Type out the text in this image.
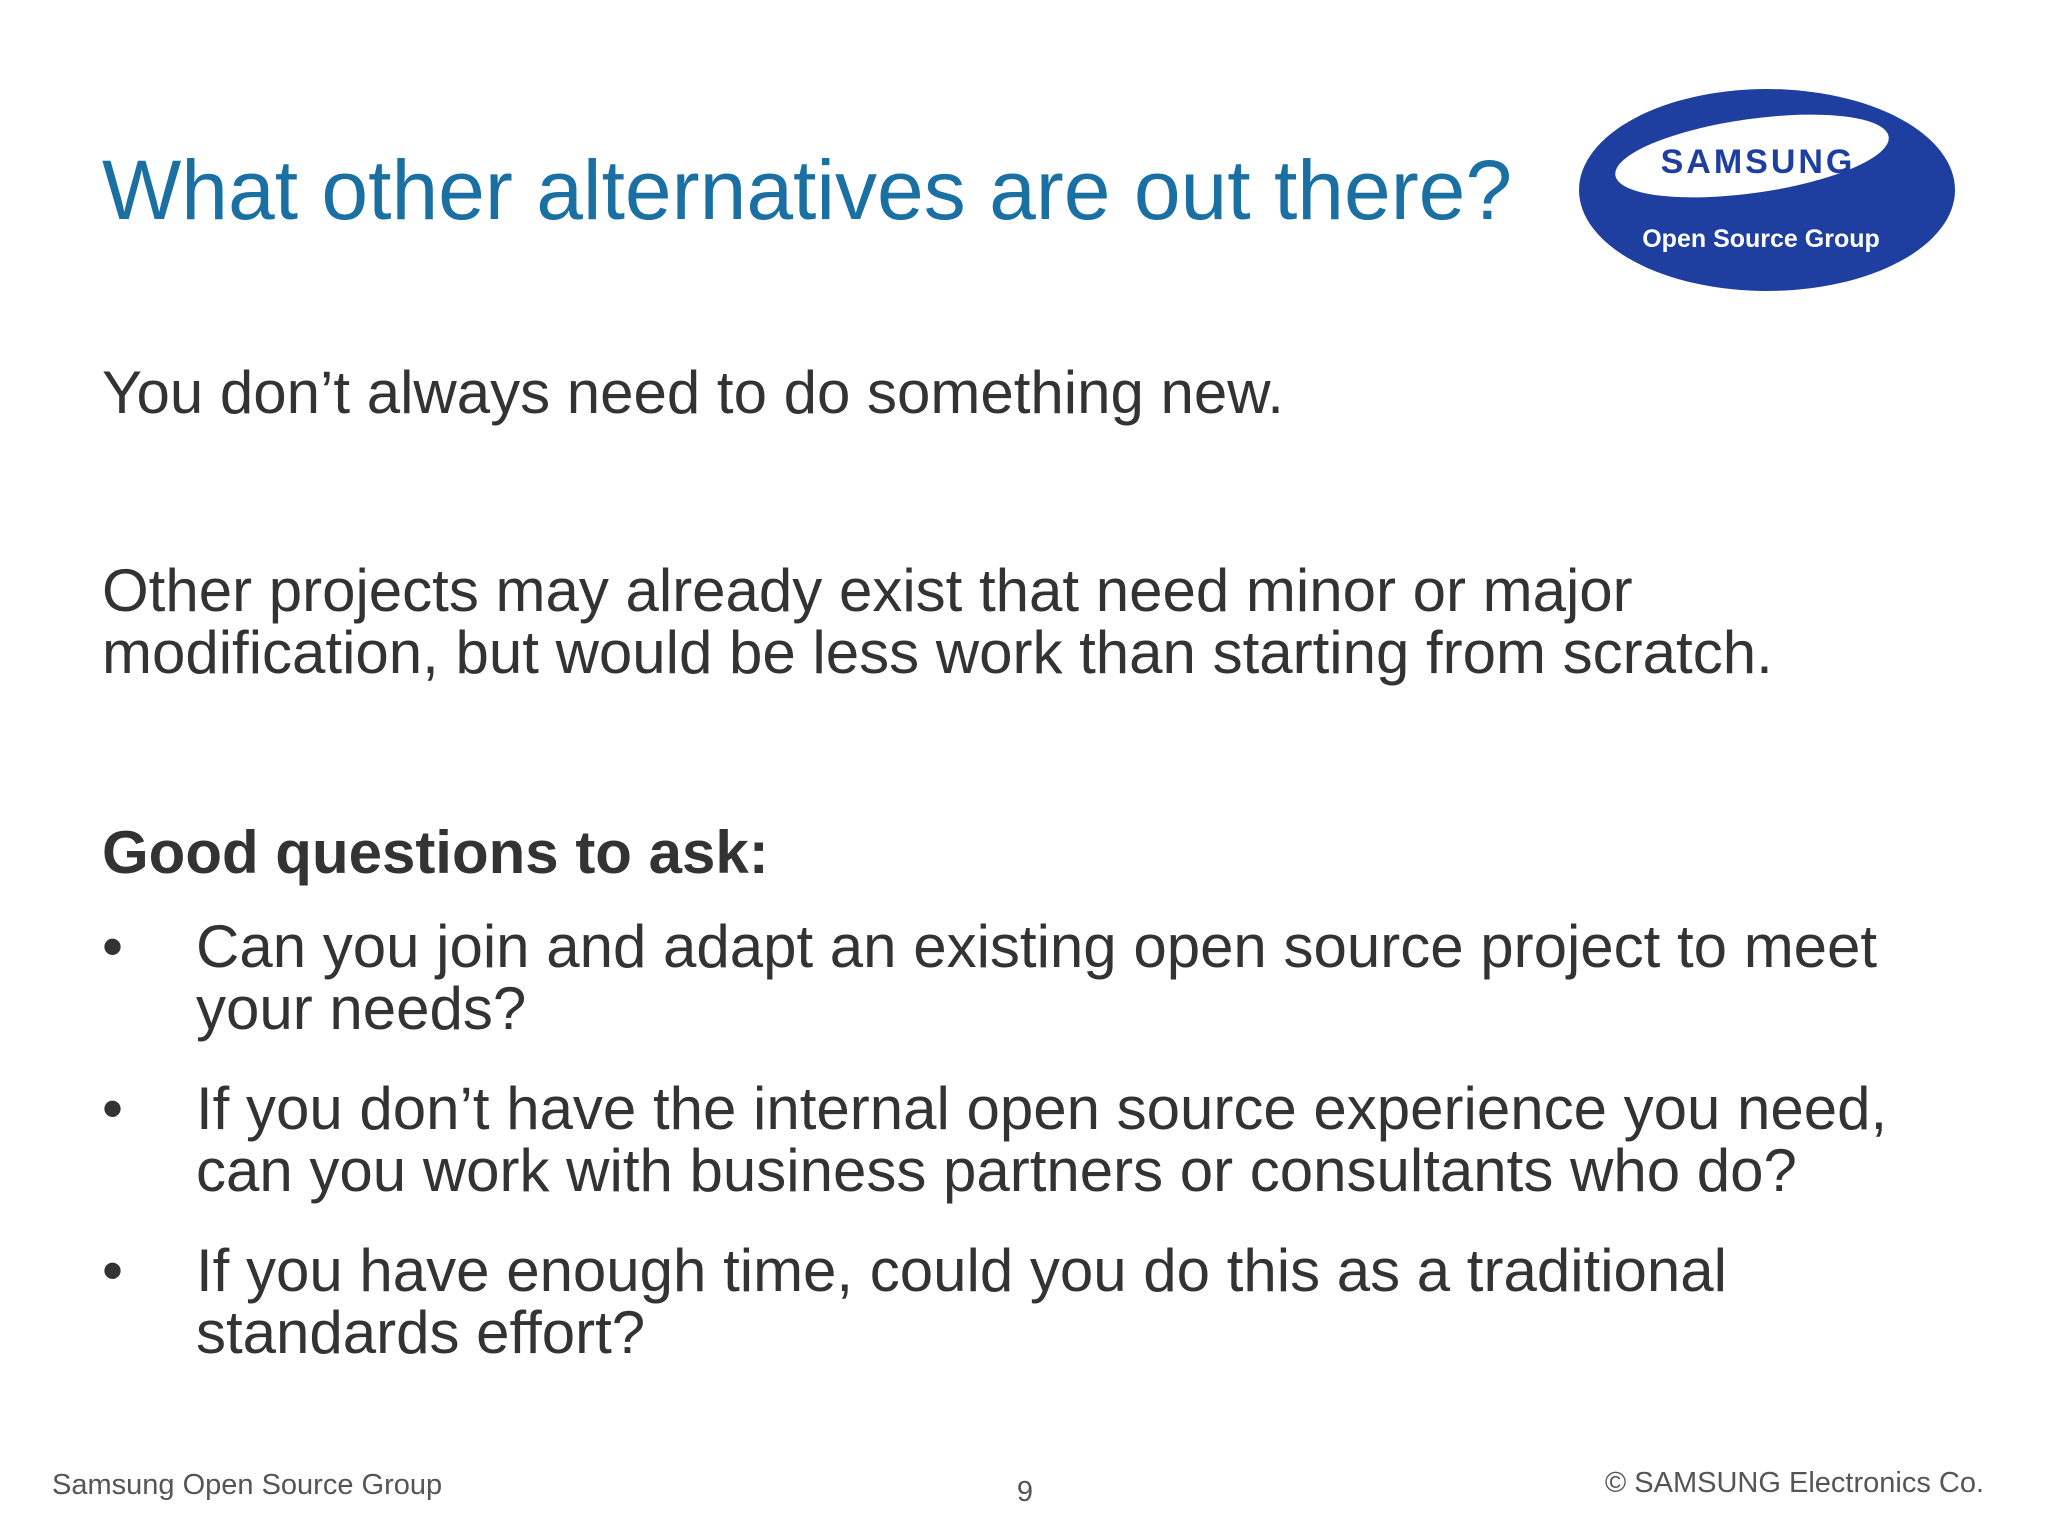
What other alternatives are out there?	SAMSUNG
Open Source Group
You don’t always need to do something new.
Other projects may already exist that need minor or major modification, but would be less work than starting from scratch.
Good questions to ask:
•	Can you join and adapt an existing open source project to meet your needs?
•	If you don’t have the internal open source experience you need, can you work with business partners or consultants who do?
•	If you have enough time, could you do this as a traditional standards effort?
Samsung Open Source Group	9	© SAMSUNG Electronics Co.
